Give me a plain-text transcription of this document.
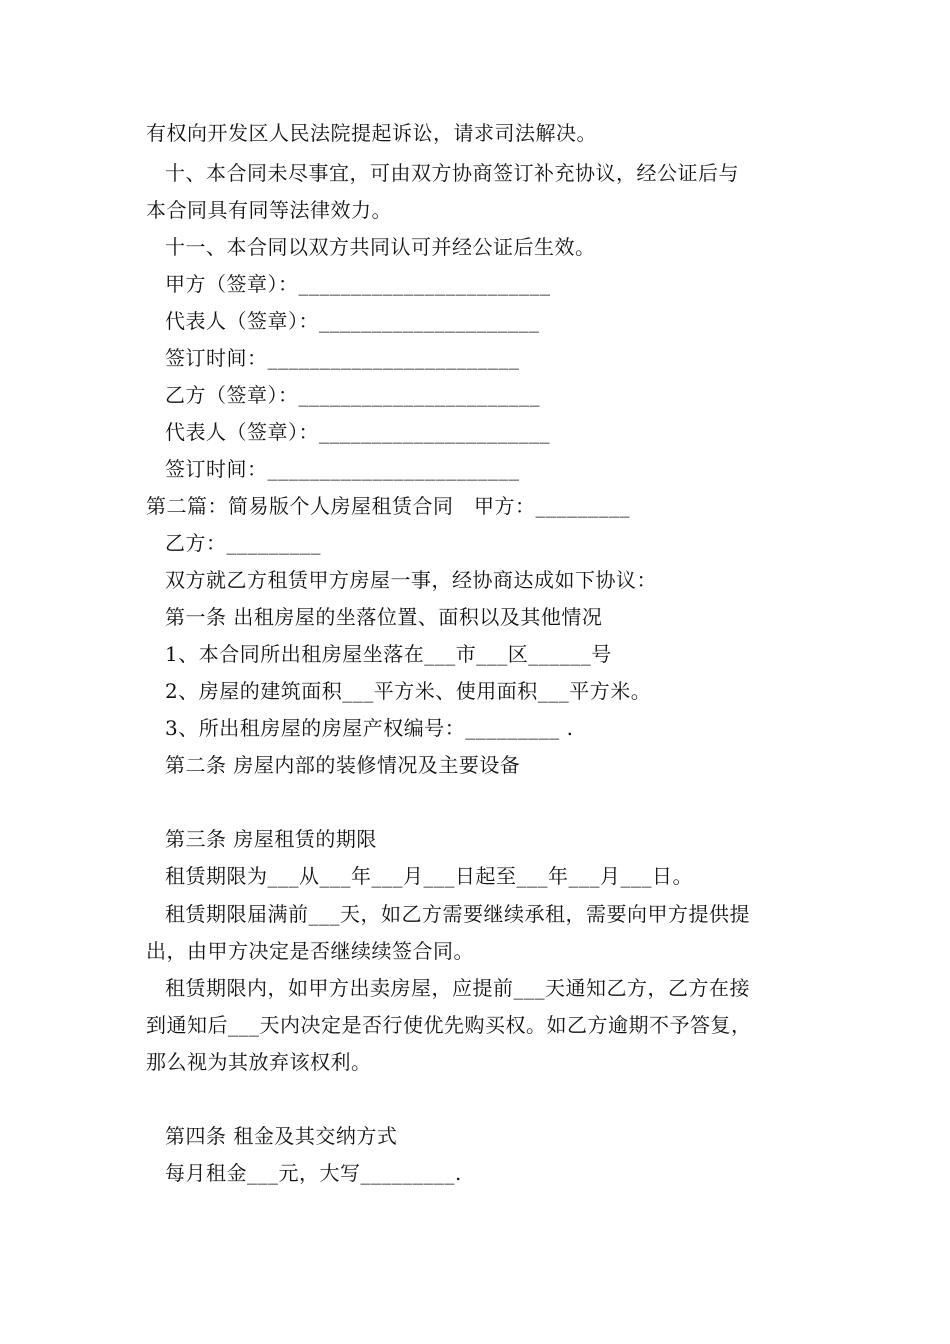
有权向开发区人民法院提起诉讼，请求司法解决。
十、本合同未尽事宜，可由双方协商签订补充协议，经公证后与
本合同具有同等法律效力。
十一、本合同以双方共同认可并经公证后生效。
甲方（签章）：________________________
代表人（签章）：_____________________
签订时间：________________________
乙方（签章）：_______________________
代表人（签章）：______________________
签订时间：________________________
第二篇：简易版个人房屋租赁合同　甲方：_________
乙方：_________
双方就乙方租赁甲方房屋一事，经协商达成如下协议：
第一条 出租房屋的坐落位置、面积以及其他情况
1、本合同所出租房屋坐落在___市___区______号
2、房屋的建筑面积___平方米、使用面积___平方米。
3、所出租房屋的房屋产权编号：_________ .
第二条 房屋内部的装修情况及主要设备
第三条 房屋租赁的期限
租赁期限为___从___年___月___日起至___年___月___日。
租赁期限届满前___天，如乙方需要继续承租，需要向甲方提供提
出，由甲方决定是否继续续签合同。
租赁期限内，如甲方出卖房屋，应提前___天通知乙方，乙方在接
到通知后___天内决定是否行使优先购买权。如乙方逾期不予答复，
那么视为其放弃该权利。
第四条 租金及其交纳方式
每月租金___元，大写_________.
